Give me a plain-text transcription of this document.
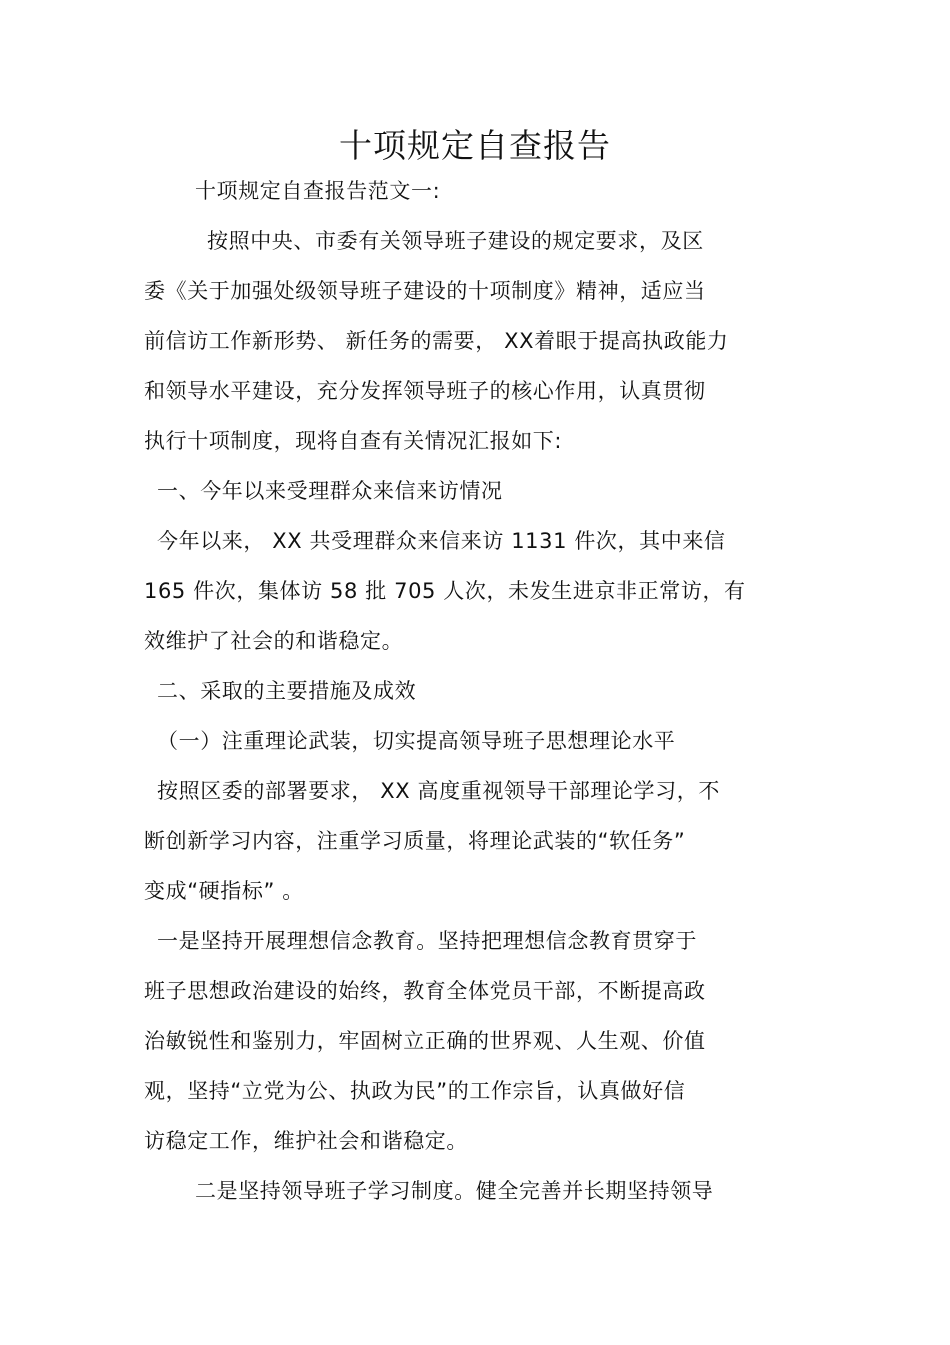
十项规定自查报告
十项规定自查报告范文一:
按照中央、市委有关领导班子建设的规定要求，及区
委《关于加强处级领导班子建设的十项制度》精神，适应当
前信访工作新形势、 新任务的需要， XX着眼于提高执政能力
和领导水平建设，充分发挥领导班子的核心作用，认真贯彻
执行十项制度，现将自查有关情况汇报如下:
一、今年以来受理群众来信来访情况
今年以来， XX 共受理群众来信来访 1131 件次，其中来信
165 件次，集体访 58 批 705 人次，未发生进京非正常访，有
效维护了社会的和谐稳定。
二、采取的主要措施及成效
（一）注重理论武装，切实提高领导班子思想理论水平
按照区委的部署要求， XX 高度重视领导干部理论学习，不
断创新学习内容，注重学习质量，将理论武装的“软任务”
变成“硬指标” 。
一是坚持开展理想信念教育。坚持把理想信念教育贯穿于
班子思想政治建设的始终，教育全体党员干部，不断提高政
治敏锐性和鉴别力，牢固树立正确的世界观、人生观、价值
观，坚持“立党为公、执政为民”的工作宗旨，认真做好信
访稳定工作，维护社会和谐稳定。
二是坚持领导班子学习制度。健全完善并长期坚持领导
